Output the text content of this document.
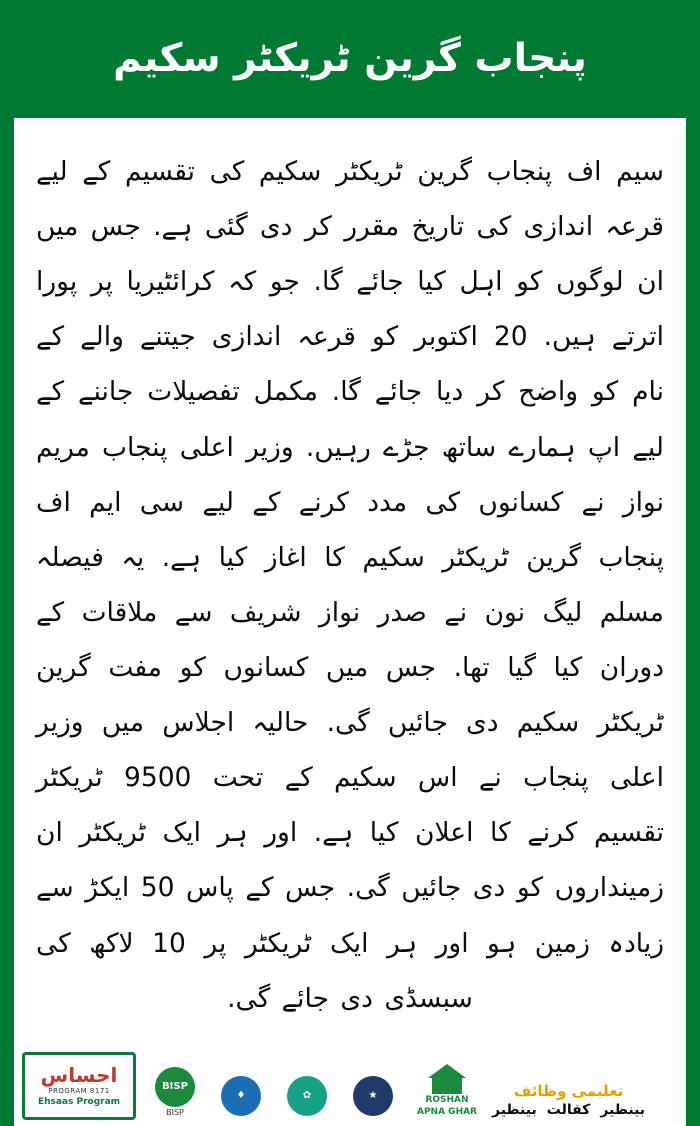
پنجاب گرین ٹریکٹر سکیم
سیم اف پنجاب گرین ٹریکٹر سکیم کی تقسیم کے لیے قرعہ اندازی کی تاریخ مقرر کر دی گئی ہے. جس میں ان لوگوں کو اہل کیا جائے گا. جو کہ کرائٹیریا پر پورا اترتے ہیں. 20 اکتوبر کو قرعہ اندازی جیتنے والے کے نام کو واضح کر دیا جائے گا. مکمل تفصیلات جاننے کے لیے اپ ہمارے ساتھ جڑے رہیں. وزیر اعلی پنجاب مریم نواز نے کسانوں کی مدد کرنے کے لیے سی ایم اف پنجاب گرین ٹریکٹر سکیم کا اغاز کیا ہے. یہ فیصلہ مسلم لیگ نون نے صدر نواز شریف سے ملاقات کے دوران کیا گیا تھا. جس میں کسانوں کو مفت گرین ٹریکٹر سکیم دی جائیں گی. حالیہ اجلاس میں وزیر اعلی پنجاب نے اس سکیم کے تحت 9500 ٹریکٹر تقسیم کرنے کا اعلان کیا ہے. اور ہر ایک ٹریکٹر ان زمینداروں کو دی جائیں گی. جس کے پاس 50 ایکڑ سے زیادہ زمین ہو اور ہر ایک ٹریکٹر پر 10 لاکھ کی سبسڈی دی جائے گی.
احساس
PROGRAM 8171
Ehsaas Program
BISP
BISP
♦	✿	★	ROSHAN
APNA GHAR
تعلیمی وظائف
بینظیر
کفالت
بینظیر
